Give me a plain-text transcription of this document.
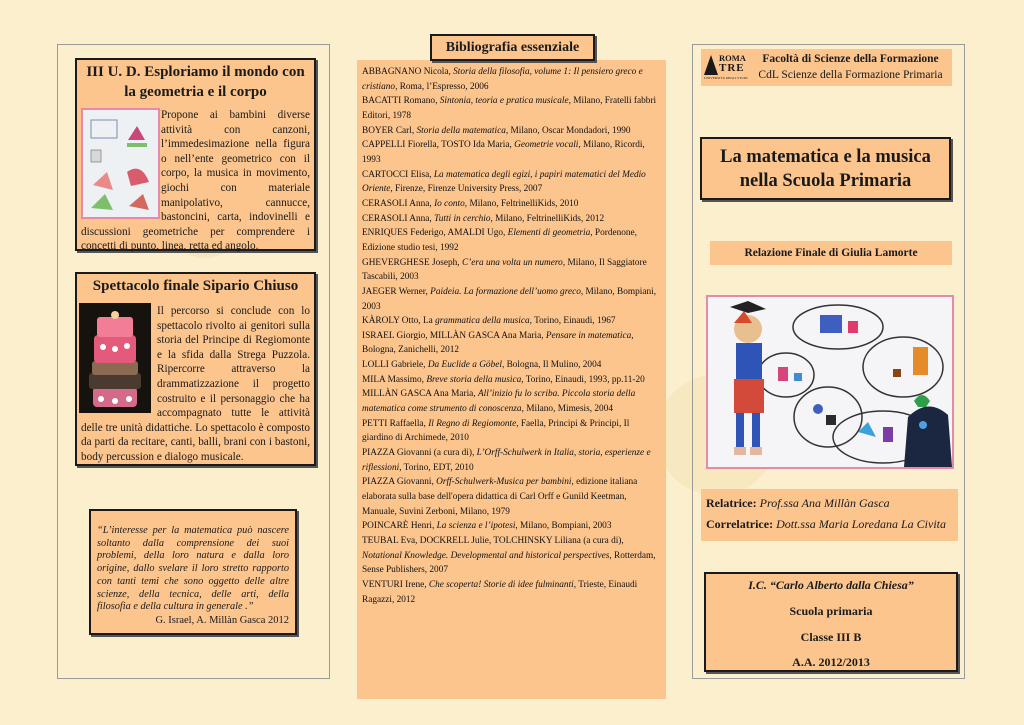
III U. D. Esploriamo il mondo con la geometria e il corpo

Propone ai bambini diverse attività con canzoni, l’immedesimazione nella figura o nell’ente geometrico con il corpo, la musica in movimento, giochi con materiale manipolativo, cannucce, bastoncini, carta, indovinelli e discussioni geometriche per comprendere i concetti di punto, linea, retta ed angolo.

Spettacolo finale Sipario Chiuso

Il percorso si conclude con lo spettacolo rivolto ai genitori sulla storia del Principe di Regiomonte e la sfida dalla Strega Puzzola. Ripercorre attraverso la drammatizzazione il progetto costruito e il personaggio che ha accompagnato tutte le attività delle tre unità didattiche. Lo spettacolo è composto da parti da recitare, canti, balli, brani con i bastoni, body percussion e dialogo musicale.

“L’interesse per la matematica può nascere soltanto dalla comprensione dei suoi problemi, della loro natura e dalla loro origine, dallo svelare il loro stretto rapporto con tanti temi che sono oggetto delle altre scienze, della tecnica, delle arti, della filosofia e della cultura in generale .”

G. Israel, A. Millàn Gasca 2012

Bibliografia essenziale

ABBAGNANO Nicola, Storia della filosofia, volume 1: Il pensiero greco e cristiano, Roma, l’Espresso, 2006

BACATTI Romano, Sintonia, teoria e pratica musicale, Milano, Fratelli fabbri Editori, 1978

BOYER Carl, Storia della matematica, Milano, Oscar Mondadori, 1990

CAPPELLI Fiorella, TOSTO Ida Maria, Geometrie vocali, Milano, Ricordi, 1993

CARTOCCI Elisa, La matematica degli egizi, i papiri matematici del Medio Oriente, Firenze, Firenze University Press, 2007

CERASOLI Anna, Io conto, Milano, FeltrinelliKids, 2010

CERASOLI Anna, Tutti in cerchio, Milano, FeltrinelliKids, 2012

ENRIQUES Federigo, AMALDI Ugo, Elementi di geometria, Pordenone, Edizione studio tesi, 1992

GHEVERGHESE Joseph, C’era una volta un numero, Milano, Il Saggiatore Tascabili, 2003

JAEGER Werner, Paideia. La formazione dell’uomo greco, Milano, Bompiani, 2003

KÀROLY Otto, La grammatica della musica, Torino, Einaudi, 1967

ISRAEL Giorgio, MILLÀN GASCA Ana Maria, Pensare in matematica, Bologna, Zanichelli, 2012

LOLLI Gabriele, Da Euclide a Göbel, Bologna, Il Mulino, 2004

MILA Massimo, Breve storia della musica, Torino, Einaudi, 1993, pp.11-20

MILLÀN GASCA Ana Maria, All’inizio fu lo scriba. Piccola storia della matematica come strumento di conoscenza, Milano, Mimesis, 2004

PETTI Raffaella, Il Regno di Regiomonte, Faella, Principi & Principi, Il giardino di Archimede, 2010

PIAZZA Giovanni (a cura di), L’Orff-Schulwerk in Italia, storia, esperienze e riflessioni, Torino, EDT, 2010

PIAZZA Giovanni, Orff-Schulwerk-Musica per bambini, edizione italiana elaborata sulla base dell'opera didattica di Carl Orff e Gunild Keetman, Manuale, Suvini Zerboni, Milano, 1979

POINCARÈ Henri, La scienza e l’ipotesi, Milano, Bompiani, 2003

TEUBAL Eva, DOCKRELL Julie, TOLCHINSKY Liliana (a cura di), Notational Knowledge. Developmental and historical perspectives, Rotterdam, Sense Publishers, 2007

VENTURI Irene, Che scoperta! Storie di idee fulminanti, Trieste, Einaudi Ragazzi, 2012

ROMA
TRE
UNIVERSITÀ DEGLI STUDI
Facoltà di Scienze della Formazione
CdL Scienze della Formazione Primaria
La matematica e la musica nella Scuola Primaria
Relazione Finale di Giulia Lamorte
Relatrice: Prof.ssa Ana Millàn Gasca
Correlatrice: Dott.ssa Maria Loredana La Civita
I.C. “Carlo Alberto dalla Chiesa”
Scuola primaria
Classe III B
A.A. 2012/2013
